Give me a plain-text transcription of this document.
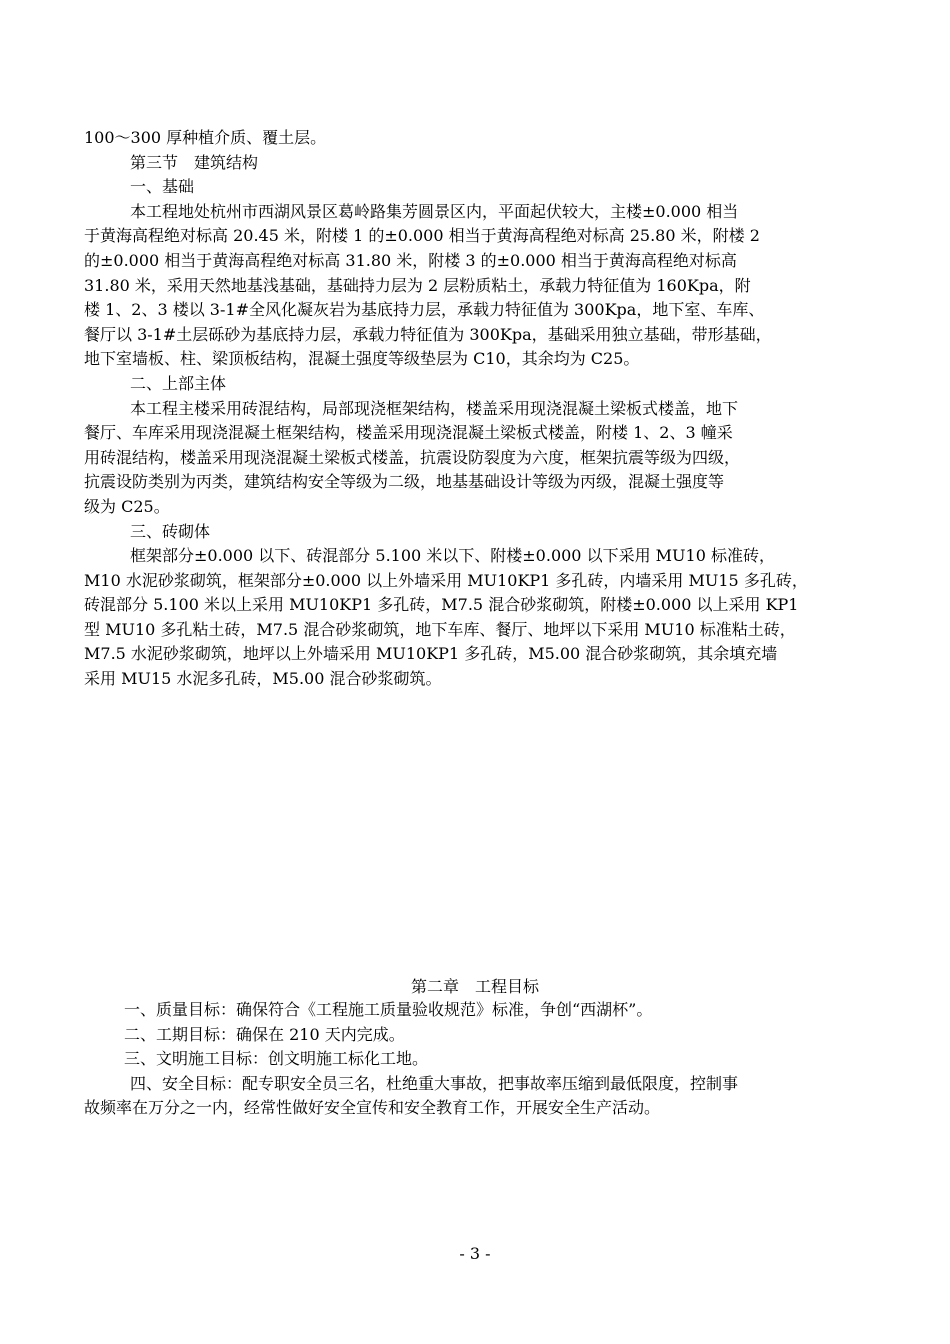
100～300 厚种植介质、覆土层。
第三节　建筑结构
一、基础
本工程地处杭州市西湖风景区葛岭路集芳圆景区内，平面起伏较大，主楼±0.000 相当
于黄海高程绝对标高 20.45 米，附楼 1 的±0.000 相当于黄海高程绝对标高 25.80 米，附楼 2
的±0.000 相当于黄海高程绝对标高 31.80 米，附楼 3 的±0.000 相当于黄海高程绝对标高
31.80 米，采用天然地基浅基础，基础持力层为 2 层粉质粘土，承载力特征值为 160Kpa，附
楼 1、2、3 楼以 3-1#全风化凝灰岩为基底持力层，承载力特征值为 300Kpa，地下室、车库、
餐厅以 3-1#土层砾砂为基底持力层，承载力特征值为 300Kpa，基础采用独立基础，带形基础，
地下室墙板、柱、梁顶板结构，混凝土强度等级垫层为 C10，其余均为 C25。
二、上部主体
本工程主楼采用砖混结构，局部现浇框架结构，楼盖采用现浇混凝土梁板式楼盖，地下
餐厅、车库采用现浇混凝土框架结构，楼盖采用现浇混凝土梁板式楼盖，附楼 1、2、3 幢采
用砖混结构，楼盖采用现浇混凝土梁板式楼盖，抗震设防裂度为六度，框架抗震等级为四级，
抗震设防类别为丙类，建筑结构安全等级为二级，地基基础设计等级为丙级，混凝土强度等
级为 C25。
三、砖砌体
框架部分±0.000 以下、砖混部分 5.100 米以下、附楼±0.000 以下采用 MU10 标准砖，
M10 水泥砂浆砌筑，框架部分±0.000 以上外墙采用 MU10KP1 多孔砖，内墙采用 MU15 多孔砖，
砖混部分 5.100 米以上采用 MU10KP1 多孔砖，M7.5 混合砂浆砌筑，附楼±0.000 以上采用 KP1
型 MU10 多孔粘土砖，M7.5 混合砂浆砌筑，地下车库、餐厅、地坪以下采用 MU10 标准粘土砖，
M7.5 水泥砂浆砌筑，地坪以上外墙采用 MU10KP1 多孔砖，M5.00 混合砂浆砌筑，其余填充墙
采用 MU15 水泥多孔砖，M5.00 混合砂浆砌筑。
第二章　工程目标
一、质量目标：确保符合《工程施工质量验收规范》标准，争创“西湖杯”。
二、工期目标：确保在 210 天内完成。
三、文明施工目标：创文明施工标化工地。
四、安全目标：配专职安全员三名，杜绝重大事故，把事故率压缩到最低限度，控制事
故频率在万分之一内，经常性做好安全宣传和安全教育工作，开展安全生产活动。
- 3 -
